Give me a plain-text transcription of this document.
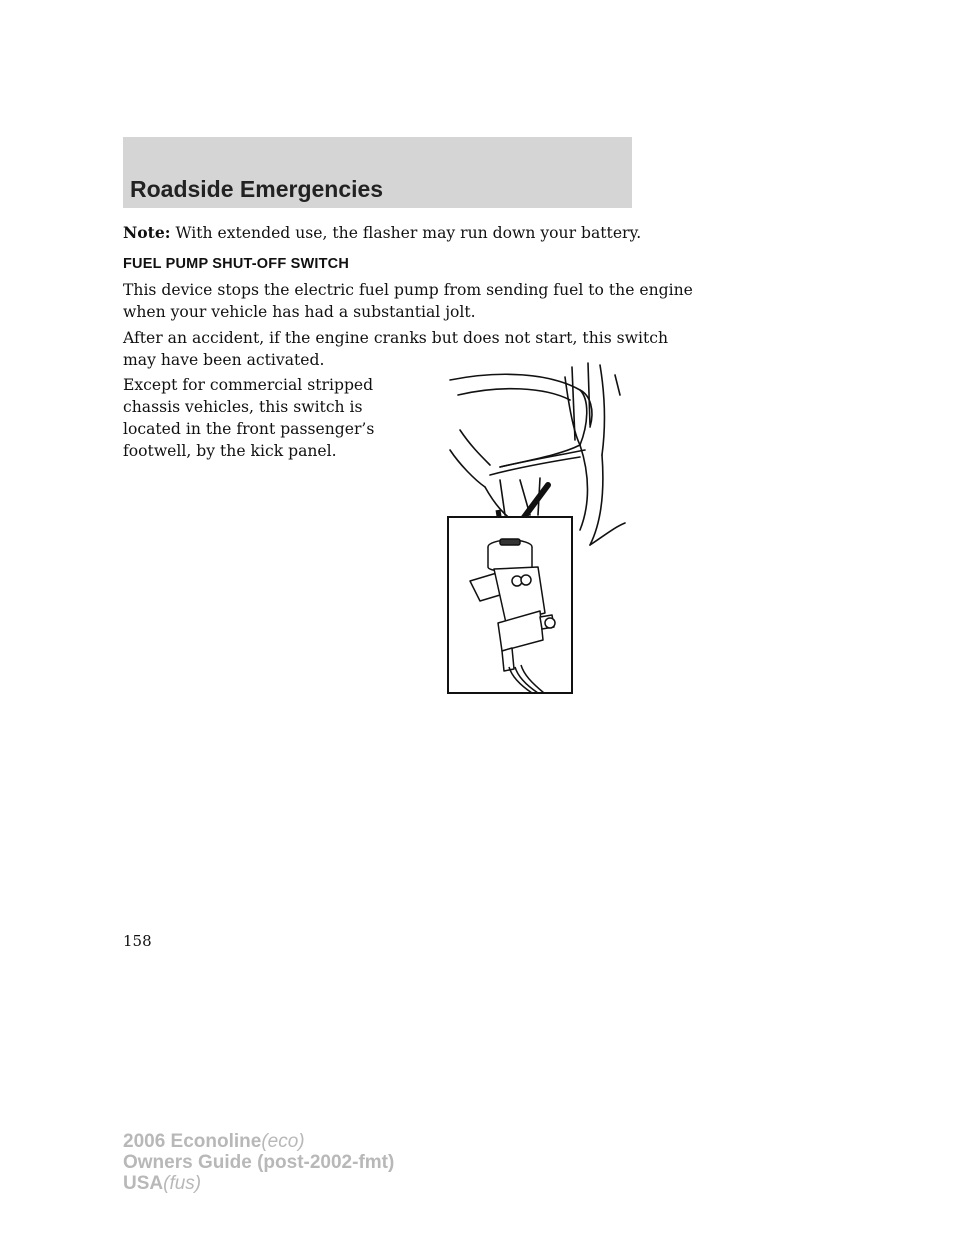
Roadside Emergencies

Note: With extended use, the flasher may run down your battery.

FUEL PUMP SHUT-OFF SWITCH

This device stops the electric fuel pump from sending fuel to the engine
when your vehicle has had a substantial jolt.

After an accident, if the engine cranks but does not start, this switch
may have been activated.

Except for commercial stripped
chassis vehicles, this switch is
located in the front passenger’s
footwell, by the kick panel.

158
2006 Econoline(eco)
Owners Guide (post-2002-fmt)
USA(fus)
